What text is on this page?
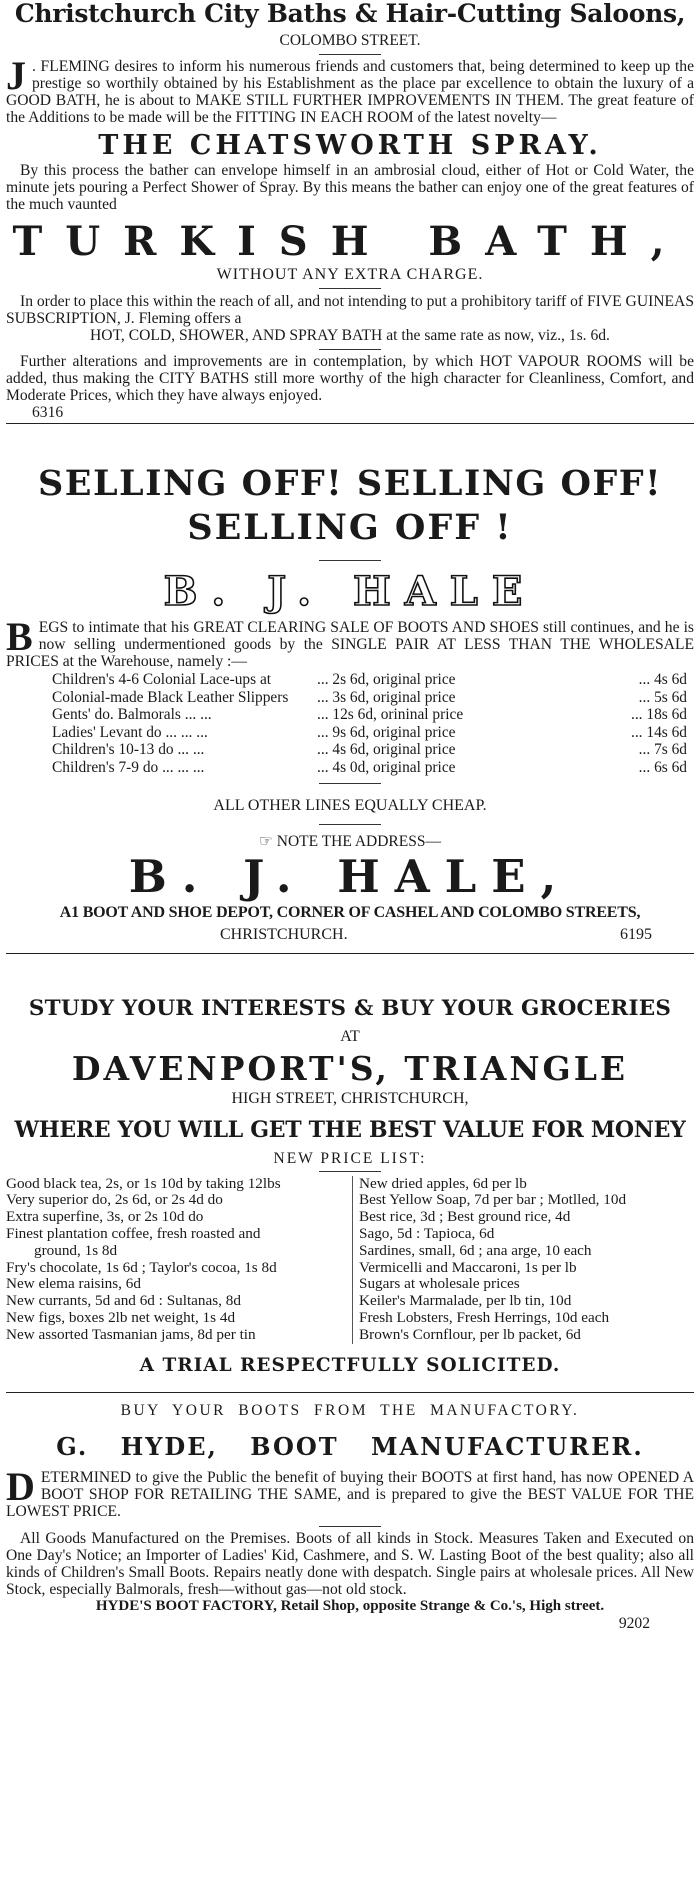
Christchurch City Baths & Hair-Cutting Saloons,
COLOMBO STREET.
J . FLEMING desires to inform his numerous friends and customers that, being determined to keep up the prestige so worthily obtained by his Establishment as the place par excellence to obtain the luxury of a GOOD BATH, he is about to MAKE STILL FURTHER IMPROVEMENTS IN THEM. The great feature of the Additions to be made will be the FITTING IN EACH ROOM of the latest novelty—
THE CHATSWORTH SPRAY.
By this process the bather can envelope himself in an ambrosial cloud, either of Hot or Cold Water, the minute jets pouring a Perfect Shower of Spray. By this means the bather can enjoy one of the great features of the much vaunted
TURKISH BATH,
WITHOUT ANY EXTRA CHARGE.
In order to place this within the reach of all, and not intending to put a prohibitory tariff of FIVE GUINEAS SUBSCRIPTION, J. Fleming offers a
HOT, COLD, SHOWER, AND SPRAY BATH at the same rate as now, viz., 1s. 6d.
Further alterations and improvements are in contemplation, by which HOT VAPOUR ROOMS will be added, thus making the CITY BATHS still more worthy of the high character for Cleanliness, Comfort, and Moderate Prices, which they have always enjoyed.
6316
SELLING OFF! SELLING OFF!
SELLING OFF !
B. J. HALE
BEGS to intimate that his GREAT CLEARING SALE OF BOOTS AND SHOES still continues, and he is now selling undermentioned goods by the SINGLE PAIR AT LESS THAN THE WHOLESALE PRICES at the Warehouse, namely :—
Children's 4-6 Colonial Lace-ups at	... 2s 6d, original price	... 4s 6d
Colonial-made Black Leather Slippers	... 3s 6d, original price	... 5s 6d
Gents' do. Balmorals ... ...	... 12s 6d, orininal price	... 18s 6d
Ladies' Levant do ... ... ...	... 9s 6d, original price	... 14s 6d
Children's 10-13 do ... ...	... 4s 6d, original price	... 7s 6d
Children's 7-9 do ... ... ...	... 4s 0d, original price	... 6s 6d
ALL OTHER LINES EQUALLY CHEAP.
☞ NOTE THE ADDRESS—
B. J. HALE,
A1 BOOT AND SHOE DEPOT, CORNER OF CASHEL AND COLOMBO STREETS,
CHRISTCHURCH.	6195
STUDY YOUR INTERESTS & BUY YOUR GROCERIES
AT
DAVENPORT'S, TRIANGLE
HIGH STREET, CHRISTCHURCH,
WHERE YOU WILL GET THE BEST VALUE FOR MONEY
NEW PRICE LIST:
Good black tea, 2s, or 1s 10d by taking 12lbs
Very superior do, 2s 6d, or 2s 4d do
Extra superfine, 3s, or 2s 10d do
Finest plantation coffee, fresh roasted and
ground, 1s 8d
Fry's chocolate, 1s 6d ; Taylor's cocoa, 1s 8d
New elema raisins, 6d
New currants, 5d and 6d : Sultanas, 8d
New figs, boxes 2lb net weight, 1s 4d
New assorted Tasmanian jams, 8d per tin
New dried apples, 6d per lb
Best Yellow Soap, 7d per bar ; Motlled, 10d
Best rice, 3d ; Best ground rice, 4d
Sago, 5d : Tapioca, 6d
Sardines, small, 6d ; ana arge, 10 each
Vermicelli and Maccaroni, 1s per lb
Sugars at wholesale prices
Keiler's Marmalade, per lb tin, 10d
Fresh Lobsters, Fresh Herrings, 10d each
Brown's Cornflour, per lb packet, 6d
A TRIAL RESPECTFULLY SOLICITED.
BUY YOUR BOOTS FROM THE MANUFACTORY.
G. HYDE, BOOT MANUFACTURER.
DETERMINED to give the Public the benefit of buying their BOOTS at first hand, has now OPENED A BOOT SHOP FOR RETAILING THE SAME, and is prepared to give the BEST VALUE FOR THE LOWEST PRICE.
All Goods Manufactured on the Premises. Boots of all kinds in Stock. Measures Taken and Executed on One Day's Notice; an Importer of Ladies' Kid, Cashmere, and S. W. Lasting Boot of the best quality; also all kinds of Children's Small Boots. Repairs neatly done with despatch. Single pairs at wholesale prices. All New Stock, especially Balmorals, fresh—without gas—not old stock.
HYDE'S BOOT FACTORY, Retail Shop, opposite Strange & Co.'s, High street.
9202
